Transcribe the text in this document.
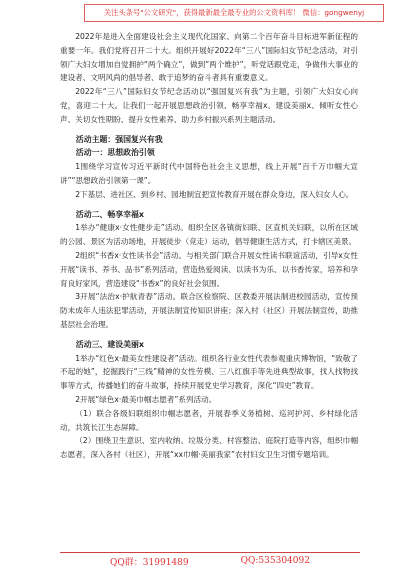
关注头条号"公文研究"，获得最新最全最专业的公文资料库！ 微信：gongwenyj

2022年是进入全面建设社会主义现代化国家、向第二个百年奋斗目标进军新征程的重要一年。我们党将召开二十大。组织开展好2022年“三八”国际妇女节纪念活动，对引领广大妇女增加自觉拥护“两个确立”，做到“两个维护”，听党话跟党走，争做伟大事业的建设者、文明风尚的倡导者、敢于追梦的奋斗者具有重要意义。

2022年“三八”国际妇女节纪念活动以“强国复兴有我”为主题，引领广大妇女心向党，喜迎二十大。让我们一起开展思想政治引领、畅享幸福x、建设美丽x、倾听女性心声、关切女性期盼、提升女性素养、助力乡村振兴系列主题活动。

活动主题：强国复兴有我

活动一：思想政治引领

1围绕学习宣传习近平新时代中国特色社会主义思想，线上开展“百千万巾帼大宣讲”“思想政治引领第一课”。

2下基层、进社区、到乡村、园地制宜把宣传教育开展在群众身边，深入妇女人心。

活动二、畅享幸福x

1举办“健康x·女性健步走”活动。组织全区各镇街妇联、区直机关妇联，以所在区域的公园、景区为活动场地，开展徒步（竞走）运动，倡导健康生活方式，打卡辖区美景。

2组织“书香x·女性读书会”活动。与相关部门联合开展女性读书联谊活动，引导x女性开展“读书、养书、品书”系列活动，营造热爱阅读、以读书为乐、以书香传家，培养和孕育良好家风，营造建设“书香x”的良好社会氛围。

3开展“法治x·护航青春”活动。联合区检察院、区教委开展法制进校园活动，宣传预防未成年人违法犯罪活动，开展法制宣传知识讲座；深入村（社区）开展法制宣传，助推基层社会治理。

活动三、建设美丽x

1举办“红色x·最美女性建设者”活动。组织各行业女性代表参观重庆博物馆，“致敬了不起的她”，挖掘践行“三线”精神的女性劳模、三八红旗手等先进典型故事，找人找物找事等方式，传播她们的奋斗故事，持续开展党史学习教育，深化“四史”教育。

2开展“绿色x·最美巾帼志愿者”系列活动。

（1）联合各级妇联组织巾帼志愿者，开展春季义务植树、巡河护河、乡村绿化活动，共筑长江生态屏障。

（2）围绕卫生意识、室内收纳、垃圾分类、村容整洁、庭院打造等内容，组织巾帼志愿者，深入各村（社区），开展“xx巾帼·美丽我家”农村妇女卫生习惯专题培训。

QQ群：31991489	QQ:535304092
